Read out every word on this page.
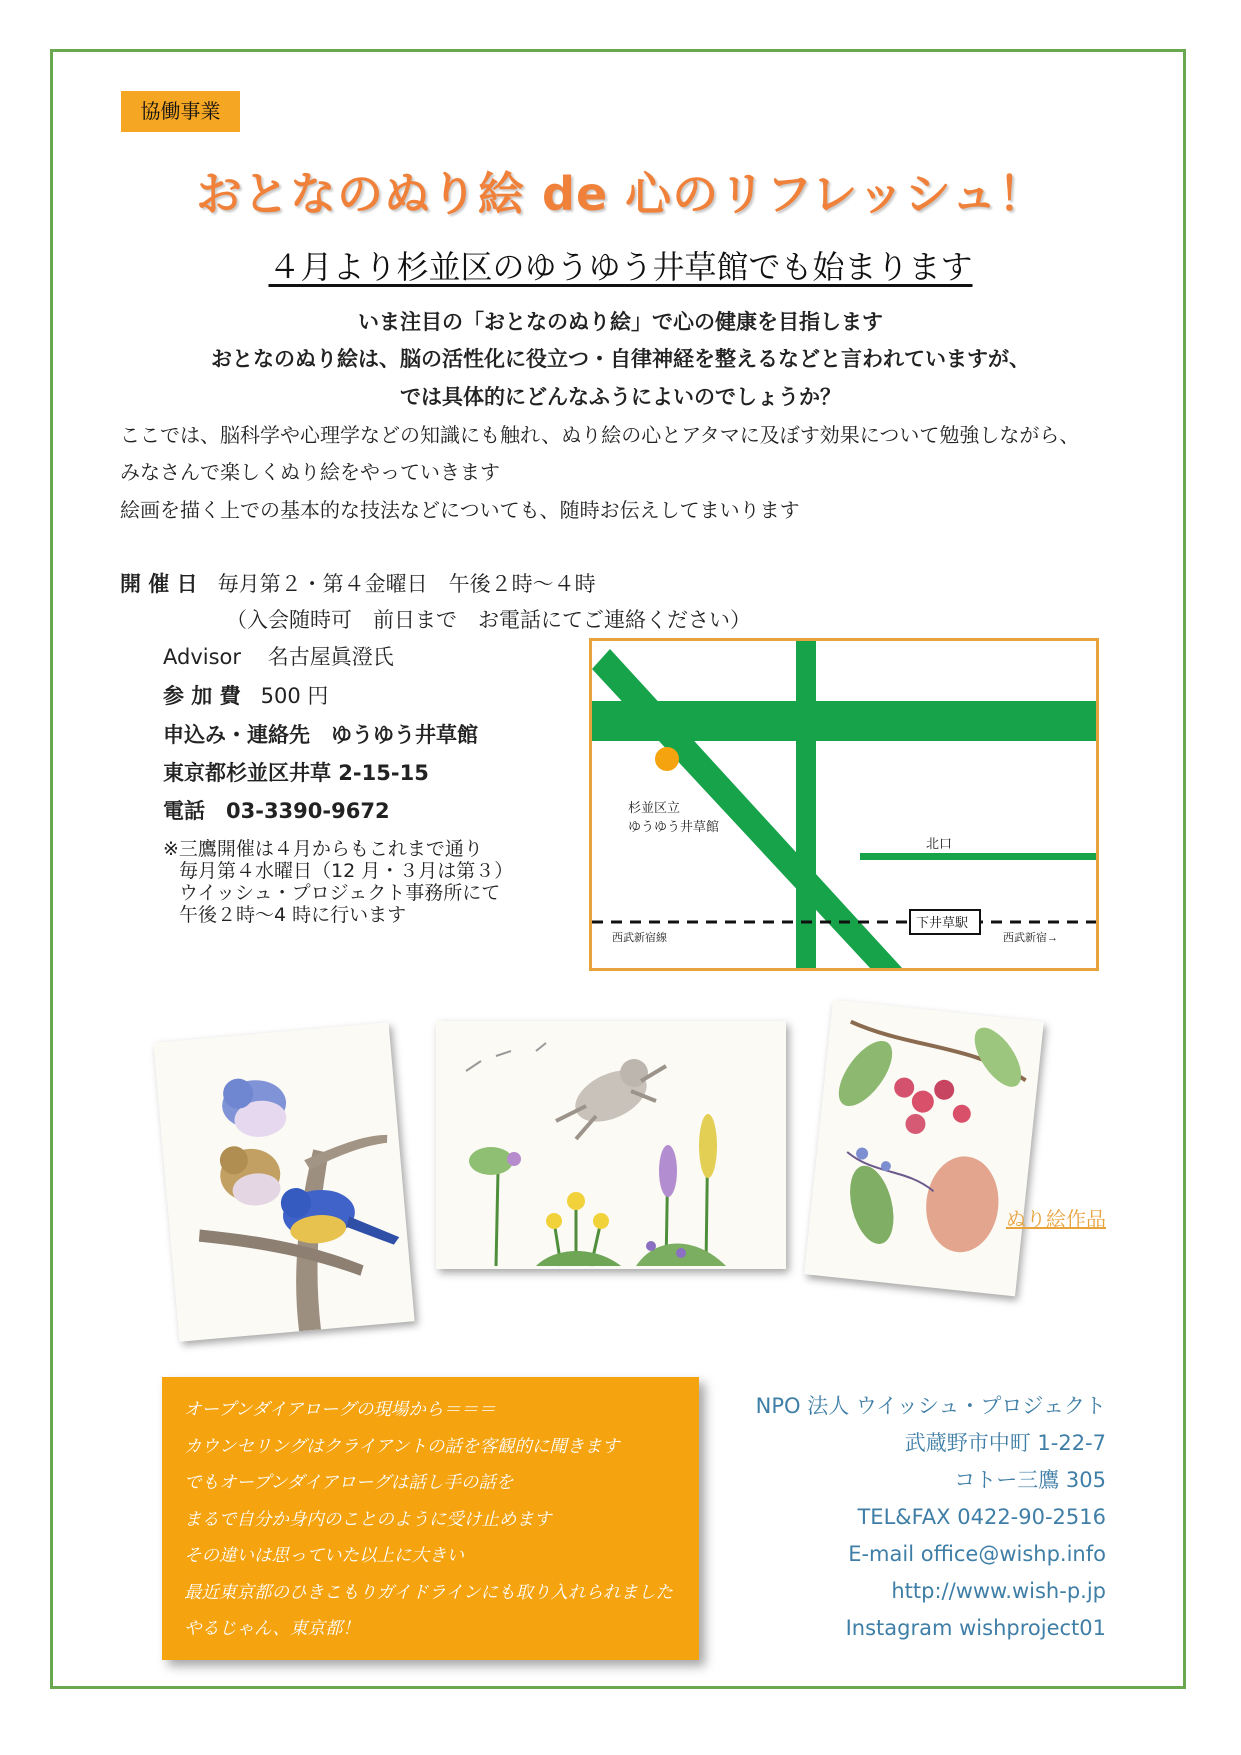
協働事業
おとなのぬり絵 de 心のリフレッシュ！
４月より杉並区のゆうゆう井草館でも始まります
いま注目の「おとなのぬり絵」で心の健康を目指します
おとなのぬり絵は、脳の活性化に役立つ・自律神経を整えるなどと言われていますが、
では具体的にどんなふうによいのでしょうか？
ここでは、脳科学や心理学などの知識にも触れ、ぬり絵の心とアタマに及ぼす効果について勉強しながら、
みなさんで楽しくぬり絵をやっていきます
絵画を描く上での基本的な技法などについても、随時お伝えしてまいります
開 催 日 毎月第２・第４金曜日　午後２時～４時
（入会随時可　前日まで　お電話にてご連絡ください）
Advisor 名古屋眞澄氏
参 加 費 500 円
申込み・連絡先　ゆうゆう井草館
東京都杉並区井草 2-15-15
電話　03-3390-9672
※三鷹開催は４月からもこれまで通り
毎月第４水曜日（12 月・３月は第３）
ウイッシュ・プロジェクト事務所にて
午後２時～4 時に行います
杉並区立
ゆうゆう井草館
北口
下井草駅
西武新宿線	西武新宿→
ぬり絵作品
オープンダイアローグの現場から＝＝＝
カウンセリングはクライアントの話を客観的に聞きます
でもオープンダイアローグは話し手の話を
まるで自分か身内のことのように受け止めます
その違いは思っていた以上に大きい
最近東京都のひきこもりガイドラインにも取り入れられました
やるじゃん、東京都！
NPO 法人 ウイッシュ・プロジェクト
武蔵野市中町 1-22-7
コトー三鷹 305
TEL&FAX 0422-90-2516
E-mail office@wishp.info
http://www.wish-p.jp
Instagram wishproject01
